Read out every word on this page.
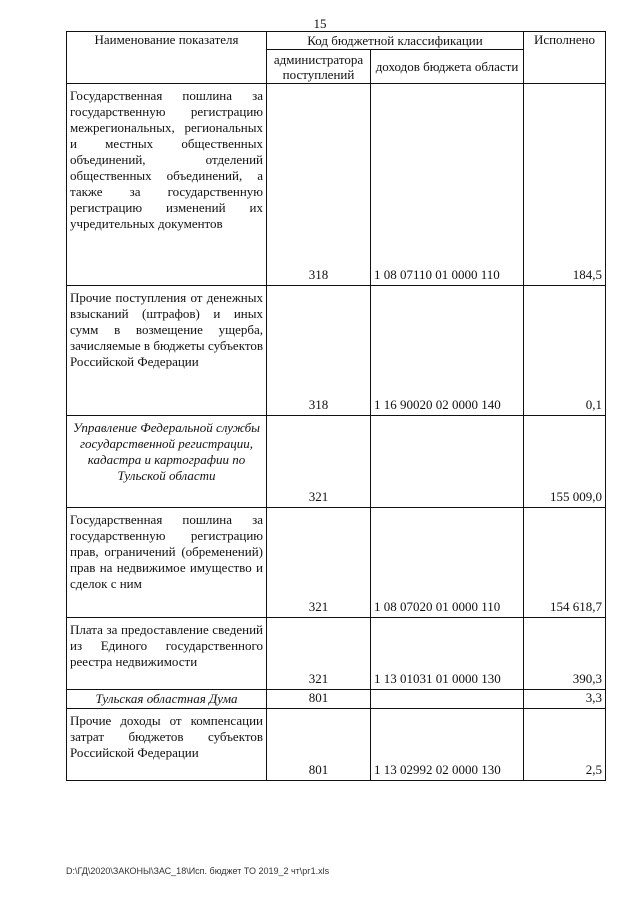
15
Наименование показателя	Код бюджетной классификации		Исполнено
	администратора поступлений	доходов бюджета области	
Государственная пошлина за государственную регистрацию межрегиональных, региональных и местных общественных объединений, отделений общественных объединений, а также за государственную регистрацию изменений их учредительных документов	318	1 08 07110 01 0000 110	184,5
Прочие поступления от денежных взысканий (штрафов) и иных сумм в возмещение ущерба, зачисляемые в бюджеты субъектов Российской Федерации	318	1 16 90020 02 0000 140	0,1
Управление Федеральной службы государственной регистрации, кадастра и картографии по Тульской области	321		155 009,0
Государственная пошлина за государственную регистрацию прав, ограничений (обременений) прав на недвижимое имущество и сделок с ним	321	1 08 07020 01 0000 110	154 618,7
Плата за предоставление сведений из Единого государственного реестра недвижимости	321	1 13 01031 01 0000 130	390,3
Тульская областная Дума	801		3,3
Прочие доходы от компенсации затрат бюджетов субъектов Российской Федерации	801	1 13 02992 02 0000 130	2,5
D:\ГД\2020\ЗАКОНЫ\ЗАС_18\Исп. бюджет ТО 2019_2 чт\рг1.xls
